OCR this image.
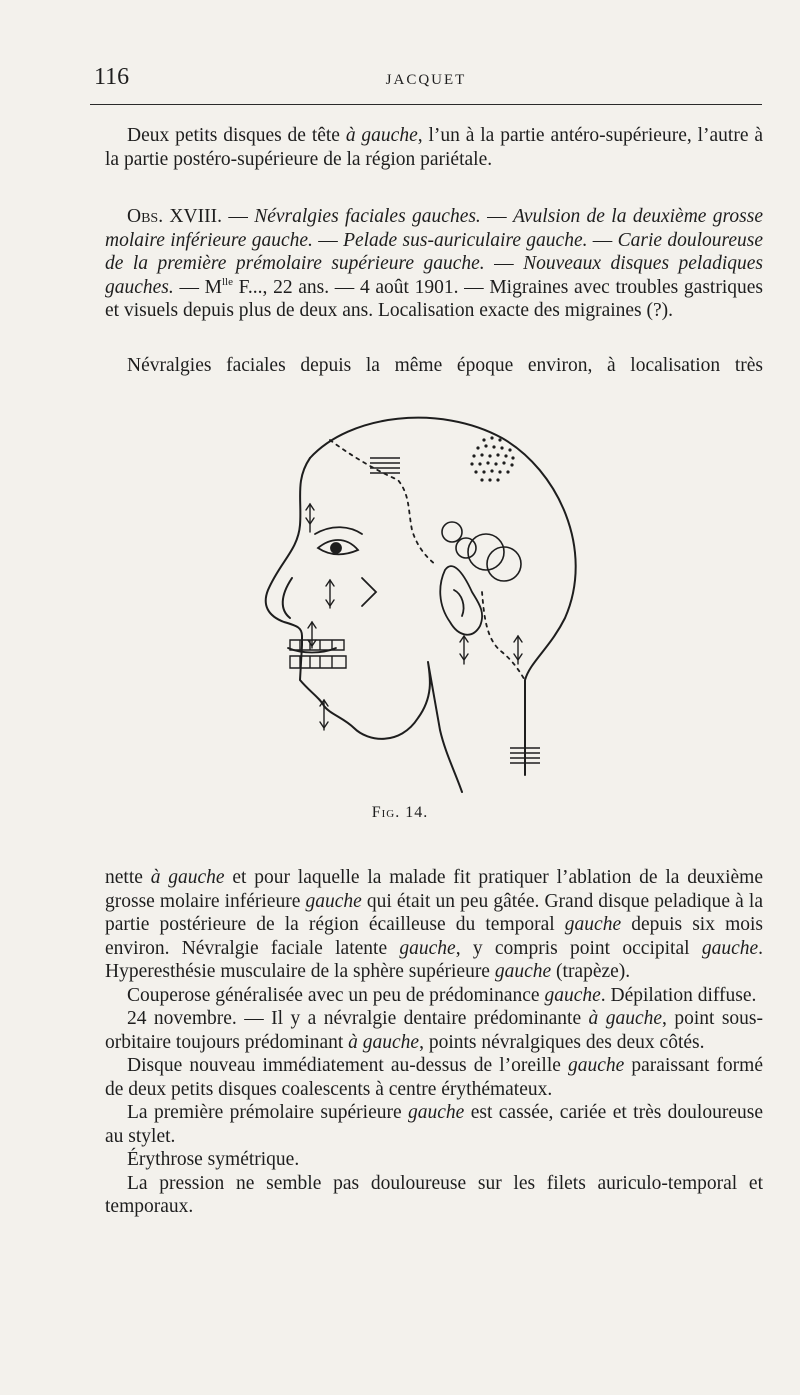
116	JACQUET

Deux petits disques de tête à gauche, l’un à la partie antéro-supérieure, l’autre à la partie postéro-supérieure de la région pariétale.

Obs. XVIII. — Névralgies faciales gauches. — Avulsion de la deuxième grosse molaire inférieure gauche. — Pelade sus-auriculaire gauche. — Carie douloureuse de la première prémolaire supérieure gauche. — Nouveaux disques peladiques gauches. — $M^{lle}$ F..., 22 ans. — 4 août 1901. — Migraines avec troubles gastriques et visuels depuis plus de deux ans. Localisation exacte des migraines (?).

Névralgies faciales depuis la même époque environ, à localisation très

Fig. 14.

nette à gauche et pour laquelle la malade fit pratiquer l’ablation de la deuxième grosse molaire inférieure gauche qui était un peu gâtée. Grand disque peladique à la partie postérieure de la région écailleuse du temporal gauche depuis six mois environ. Névralgie faciale latente gauche, y compris point occipital gauche. Hyperesthésie musculaire de la sphère supérieure gauche (trapèze).

Couperose généralisée avec un peu de prédominance gauche. Dépilation diffuse.

24 novembre. — Il y a névralgie dentaire prédominante à gauche, point sous-orbitaire toujours prédominant à gauche, points névralgiques des deux côtés.

Disque nouveau immédiatement au-dessus de l’oreille gauche paraissant formé de deux petits disques coalescents à centre érythémateux.

La première prémolaire supérieure gauche est cassée, cariée et très douloureuse au stylet.

Érythrose symétrique.

La pression ne semble pas douloureuse sur les filets auriculo-temporal et temporaux.
